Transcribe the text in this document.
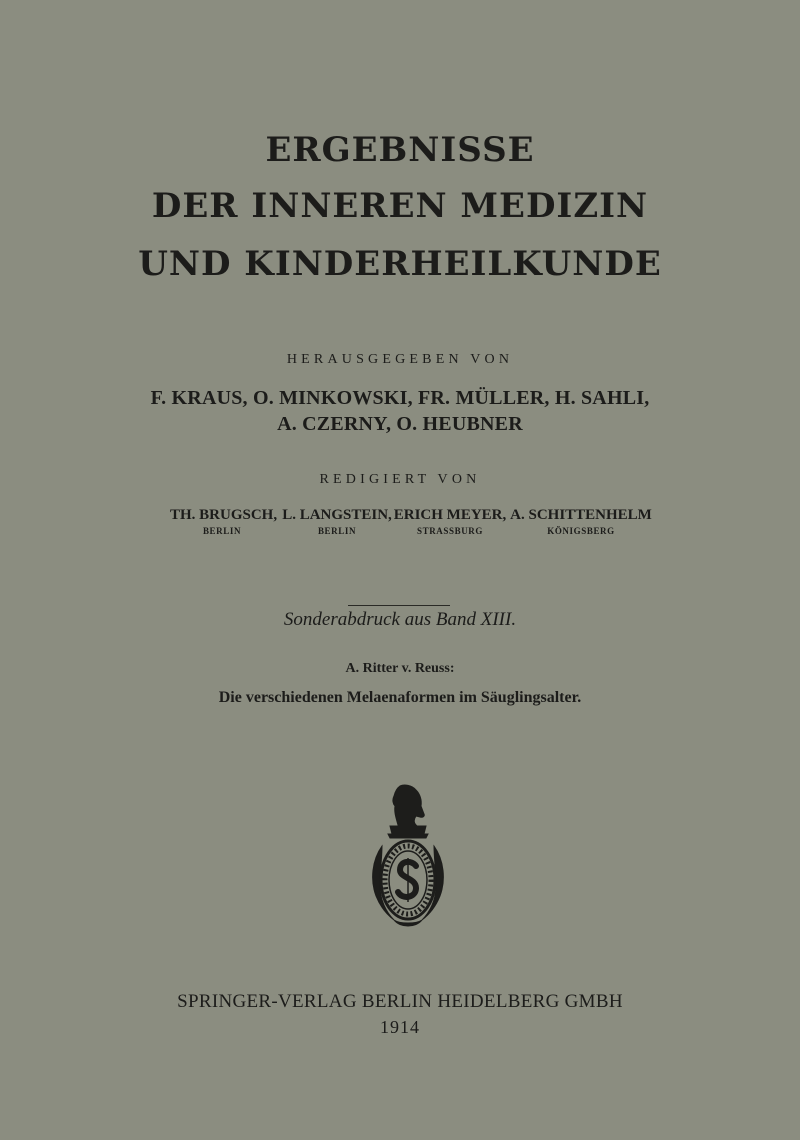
ERGEBNISSE
DER INNEREN MEDIZIN
UND KINDERHEILKUNDE
HERAUSGEGEBEN VON
F. KRAUS, O. MINKOWSKI, FR. MÜLLER, H. SAHLI,
A. CZERNY, O. HEUBNER
REDIGIERT VON
TH. BRUGSCH,
BERLIN
L. LANGSTEIN,
BERLIN
ERICH MEYER,
STRASSBURG
A. SCHITTENHELM
KÖNIGSBERG
Sonderabdruck aus Band XIII.
A. Ritter v. Reuss:
Die verschiedenen Melaenaformen im Säuglingsalter.
SPRINGER-VERLAG BERLIN HEIDELBERG GMBH
1914
